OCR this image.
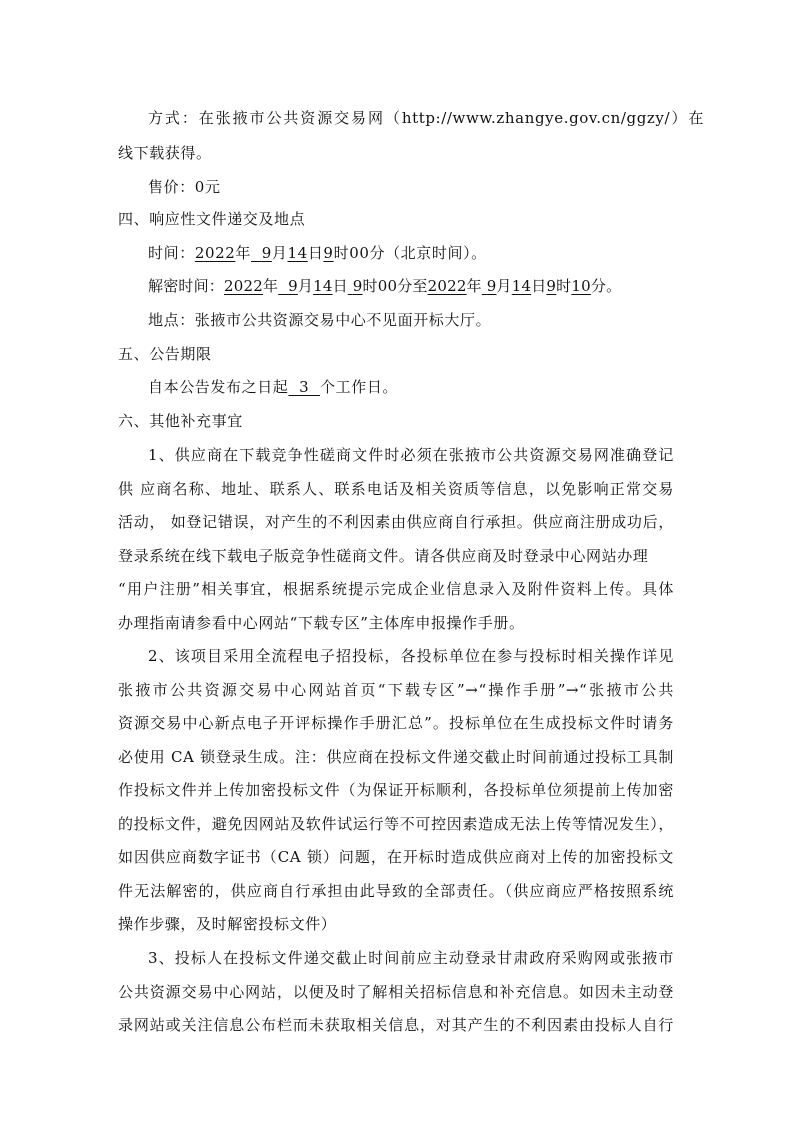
方式：在张掖市公共资源交易网（http://www.zhangye.gov.cn/ggzy/）在
线下载获得。
售价：0元
四、响应性文件递交及地点
时间：2022年 9月14日9时00分（北京时间）。
解密时间：2022年 9月14日 9时00分至2022年 9月14日9时10分。
地点：张掖市公共资源交易中心不见面开标大厅。
五、公告期限
自本公告发布之日起  3  个工作日。
六、其他补充事宜
1、供应商在下载竞争性磋商文件时必须在张掖市公共资源交易网准确登记
供 应商名称、地址、联系人、联系电话及相关资质等信息，以免影响正常交易
活动， 如登记错误，对产生的不利因素由供应商自行承担。供应商注册成功后，
登录系统在线下载电子版竞争性磋商文件。请各供应商及时登录中心网站办理
“用户注册”相关事宜，根据系统提示完成企业信息录入及附件资料上传。具体
办理指南请参看中心网站“下载专区”主体库申报操作手册。
2、该项目采用全流程电子招投标，各投标单位在参与投标时相关操作详见
张掖市公共资源交易中心网站首页“下载专区”→“操作手册”→“张掖市公共
资源交易中心新点电子开评标操作手册汇总”。投标单位在生成投标文件时请务
必使用 CA 锁登录生成。注：供应商在投标文件递交截止时间前通过投标工具制
作投标文件并上传加密投标文件（为保证开标顺利，各投标单位须提前上传加密
的投标文件，避免因网站及软件试运行等不可控因素造成无法上传等情况发生），
如因供应商数字证书（CA 锁）问题，在开标时造成供应商对上传的加密投标文
件无法解密的，供应商自行承担由此导致的全部责任。（供应商应严格按照系统
操作步骤，及时解密投标文件）
3、投标人在投标文件递交截止时间前应主动登录甘肃政府采购网或张掖市
公共资源交易中心网站，以便及时了解相关招标信息和补充信息。如因未主动登
录网站或关注信息公布栏而未获取相关信息，对其产生的不利因素由投标人自行
